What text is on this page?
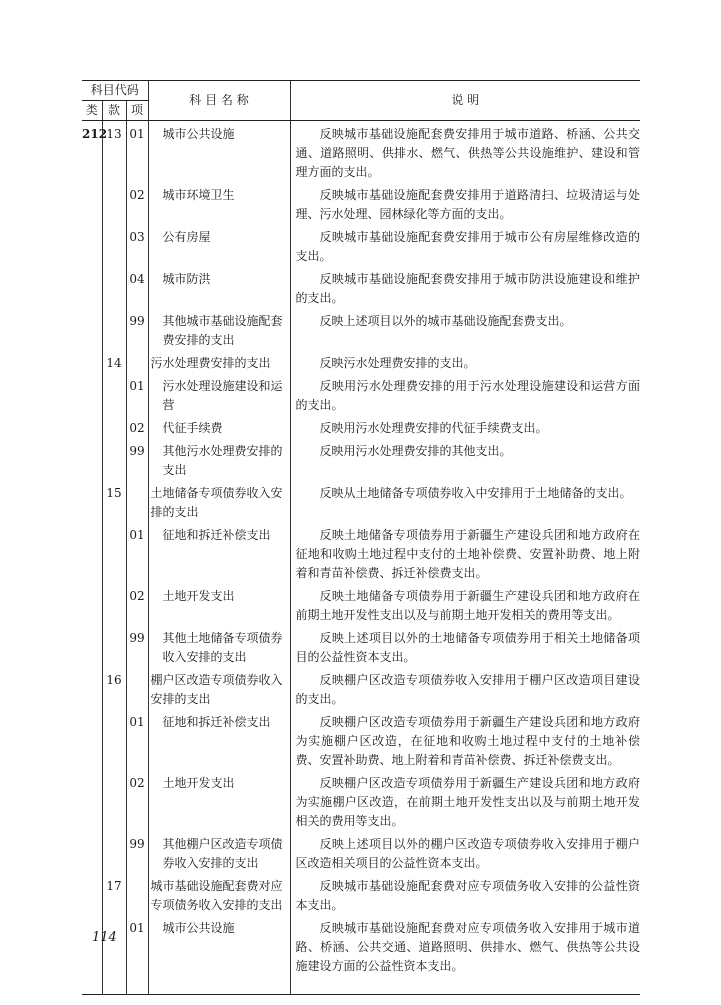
科目代码			科 目 名 称	说 明
类	款	项		

212	13	01	城市公共设施	反映城市基础设施配套费安排用于城市道路、桥涵、公共交通、道路照明、供排水、燃气、供热等公共设施维护、建设和管理方面的支出。

		02	城市环境卫生	反映城市基础设施配套费安排用于道路清扫、垃圾清运与处理、污水处理、园林绿化等方面的支出。

		03	公有房屋	反映城市基础设施配套费安排用于城市公有房屋维修改造的支出。

		04	城市防洪	反映城市基础设施配套费安排用于城市防洪设施建设和维护的支出。

		99	其他城市基础设施配套费安排的支出	反映上述项目以外的城市基础设施配套费支出。

	14		污水处理费安排的支出	反映污水处理费安排的支出。

		01	污水处理设施建设和运营	反映用污水处理费安排的用于污水处理设施建设和运营方面的支出。

		02	代征手续费	反映用污水处理费安排的代征手续费支出。

		99	其他污水处理费安排的支出	反映用污水处理费安排的其他支出。

	15		土地储备专项债券收入安排的支出	反映从土地储备专项债券收入中安排用于土地储备的支出。

		01	征地和拆迁补偿支出	反映土地储备专项债券用于新疆生产建设兵团和地方政府在征地和收购土地过程中支付的土地补偿费、安置补助费、地上附着和青苗补偿费、拆迁补偿费支出。

		02	土地开发支出	反映土地储备专项债券用于新疆生产建设兵团和地方政府在前期土地开发性支出以及与前期土地开发相关的费用等支出。

		99	其他土地储备专项债券收入安排的支出	反映上述项目以外的土地储备专项债券用于相关土地储备项目的公益性资本支出。

	16		棚户区改造专项债券收入安排的支出	反映棚户区改造专项债券收入安排用于棚户区改造项目建设的支出。

		01	征地和拆迁补偿支出	反映棚户区改造专项债券用于新疆生产建设兵团和地方政府为实施棚户区改造，在征地和收购土地过程中支付的土地补偿费、安置补助费、地上附着和青苗补偿费、拆迁补偿费支出。

		02	土地开发支出	反映棚户区改造专项债券用于新疆生产建设兵团和地方政府为实施棚户区改造，在前期土地开发性支出以及与前期土地开发相关的费用等支出。

		99	其他棚户区改造专项债券收入安排的支出	反映上述项目以外的棚户区改造专项债券收入安排用于棚户区改造相关项目的公益性资本支出。

	17		城市基础设施配套费对应专项债务收入安排的支出	反映城市基础设施配套费对应专项债务收入安排的公益性资本支出。

		01	城市公共设施	反映城市基础设施配套费对应专项债务收入安排用于城市道路、桥涵、公共交通、道路照明、供排水、燃气、供热等公共设施建设方面的公益性资本支出。

114
